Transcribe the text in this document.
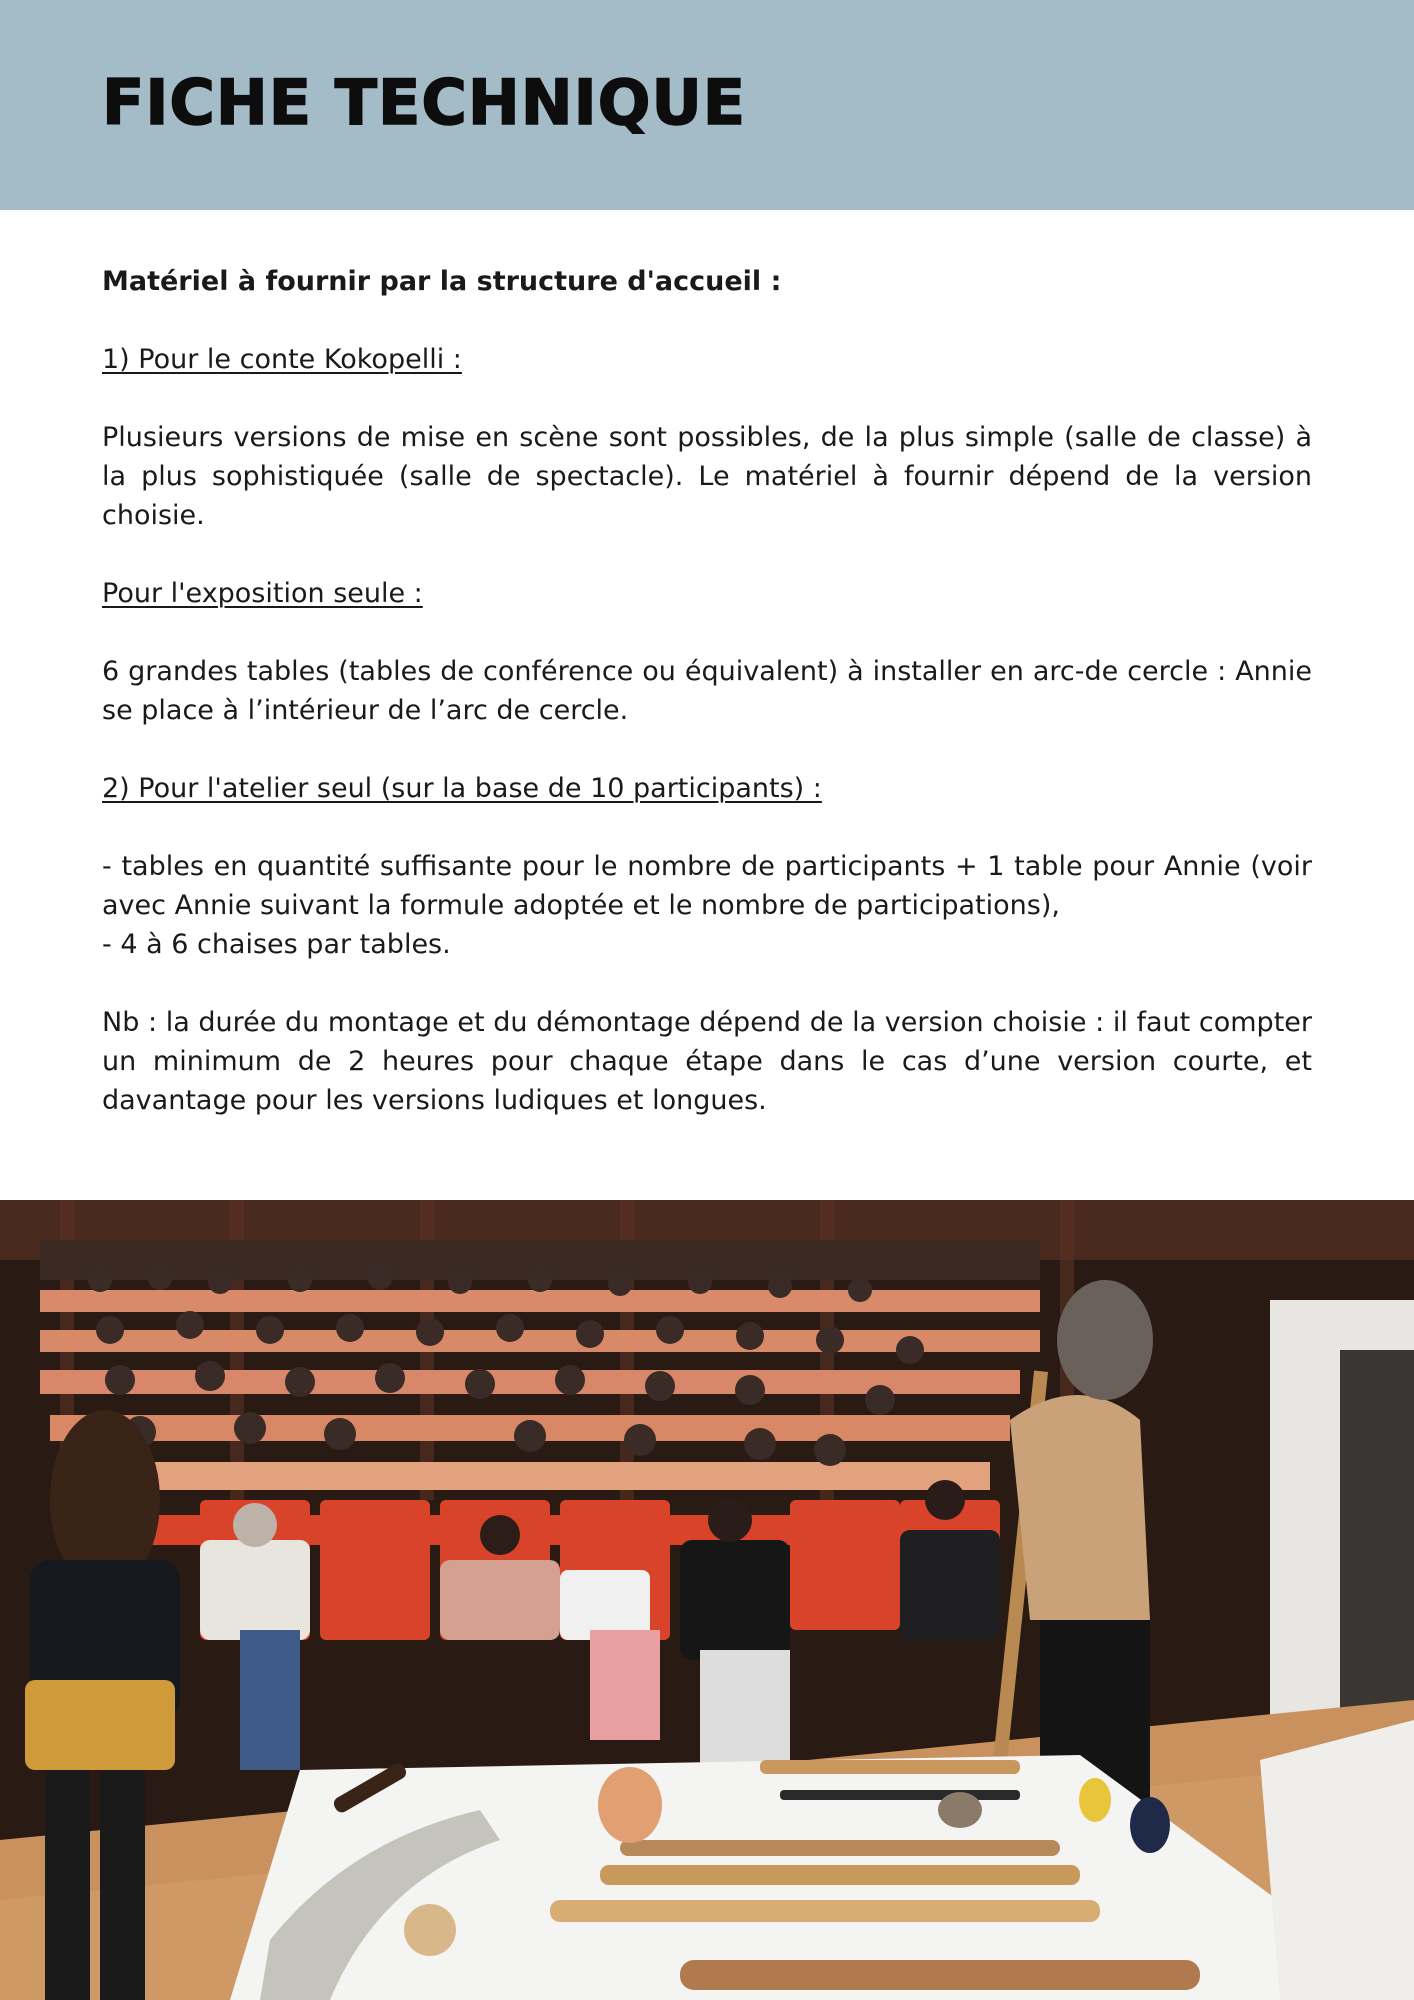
FICHE TECHNIQUE

Matériel à fournir par la structure d'accueil :

1) Pour le conte Kokopelli :

Plusieurs versions de mise en scène sont possibles, de la plus simple (salle de classe) à la plus sophistiquée (salle de spectacle). Le matériel à fournir dépend de la version choisie.

Pour l'exposition seule :

6 grandes tables (tables de conférence ou équivalent) à installer en arc-de cercle : Annie se place à l’intérieur de l’arc de cercle.

2) Pour l'atelier seul (sur la base de 10 participants) :

- tables en quantité suffisante pour le nombre de participants + 1 table pour Annie (voir avec Annie suivant la formule adoptée et le nombre de participations),

- 4 à 6 chaises par tables.

Nb : la durée du montage et du démontage dépend de la version choisie : il faut compter un minimum de 2 heures pour chaque étape dans le cas d’une version courte, et davantage pour les versions ludiques et longues.
